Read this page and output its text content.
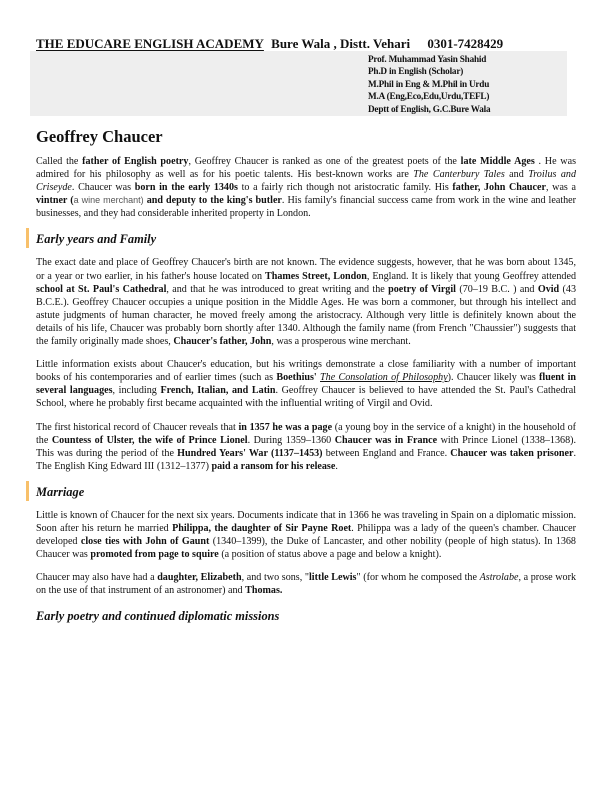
THE EDUCARE ENGLISH ACADEMY Bure Wala , Distt. Vehari 0301-7428429
Prof. Muhammad Yasin Shahid
Ph.D in English (Scholar)
M.Phil in Eng & M.Phil in Urdu
M.A (Eng,Eco,Edu,Urdu,TEFL)
Deptt of English, G.C.Bure Wala
Geoffrey Chaucer

Called the father of English poetry, Geoffrey Chaucer is ranked as one of the greatest poets of the late Middle Ages . He was admired for his philosophy as well as for his poetic talents. His best-known works are The Canterbury Tales and Troilus and Criseyde. Chaucer was born in the early 1340s to a fairly rich though not aristocratic family. His father, John Chaucer, was a vintner (a wine merchant) and deputy to the king's butler. His family's financial success came from work in the wine and leather businesses, and they had considerable inherited property in London.

Early years and Family

The exact date and place of Geoffrey Chaucer's birth are not known. The evidence suggests, however, that he was born about 1345, or a year or two earlier, in his father's house located on Thames Street, London, England. It is likely that young Geoffrey attended school at St. Paul's Cathedral, and that he was introduced to great writing and the poetry of Virgil (70–19 B.C. ) and Ovid (43 B.C.E.). Geoffrey Chaucer occupies a unique position in the Middle Ages. He was born a commoner, but through his intellect and astute judgments of human character, he moved freely among the aristocracy. Although very little is definitely known about the details of his life, Chaucer was probably born shortly after 1340. Although the family name (from French "Chaussier") suggests that the family originally made shoes, Chaucer's father, John, was a prosperous wine merchant.

Little information exists about Chaucer's education, but his writings demonstrate a close familiarity with a number of important books of his contemporaries and of earlier times (such as Boethius' The Consolation of Philosophy). Chaucer likely was fluent in several languages, including French, Italian, and Latin. Geoffrey Chaucer is believed to have attended the St. Paul's Cathedral School, where he probably first became acquainted with the influential writing of Virgil and Ovid.

The first historical record of Chaucer reveals that in 1357 he was a page (a young boy in the service of a knight) in the household of the Countess of Ulster, the wife of Prince Lionel. During 1359–1360 Chaucer was in France with Prince Lionel (1338–1368). This was during the period of the Hundred Years' War (1137–1453) between England and France. Chaucer was taken prisoner. The English King Edward III (1312–1377) paid a ransom for his release.

Marriage

Little is known of Chaucer for the next six years. Documents indicate that in 1366 he was traveling in Spain on a diplomatic mission. Soon after his return he married Philippa, the daughter of Sir Payne Roet. Philippa was a lady of the queen's chamber. Chaucer developed close ties with John of Gaunt (1340–1399), the Duke of Lancaster, and other nobility (people of high status). In 1368 Chaucer was promoted from page to squire (a position of status above a page and below a knight).

Chaucer may also have had a daughter, Elizabeth, and two sons, "little Lewis" (for whom he composed the Astrolabe, a prose work on the use of that instrument of an astronomer) and Thomas.

Early poetry and continued diplomatic missions
